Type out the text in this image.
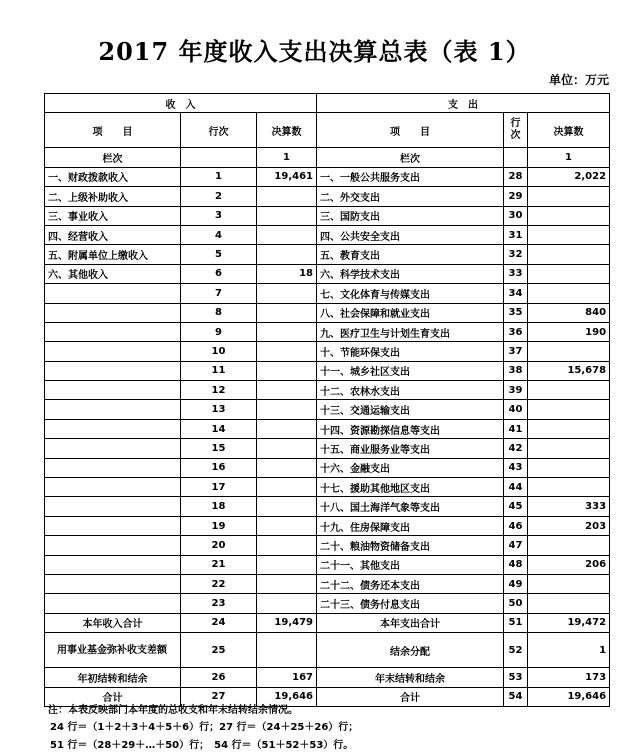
2017 年度收入支出决算总表（表 1）
单位：万元
收　入			支　出		
项　　目	行次	决算数	项　　目	行次	决算数
栏次		1	栏次		1
一、财政拨款收入	1	19,461	一、一般公共服务支出	28	2,022
二、上级补助收入	2		二、外交支出	29	
三、事业收入	3		三、国防支出	30	
四、经营收入	4		四、公共安全支出	31	
五、附属单位上缴收入	5		五、教育支出	32	
六、其他收入	6	18	六、科学技术支出	33	
	7		七、文化体育与传媒支出	34	
	8		八、社会保障和就业支出	35	840
	9		九、医疗卫生与计划生育支出	36	190
	10		十、节能环保支出	37	
	11		十一、城乡社区支出	38	15,678
	12		十二、农林水支出	39	
	13		十三、交通运输支出	40	
	14		十四、资源勘探信息等支出	41	
	15		十五、商业服务业等支出	42	
	16		十六、金融支出	43	
	17		十七、援助其他地区支出	44	
	18		十八、国土海洋气象等支出	45	333
	19		十九、住房保障支出	46	203
	20		二十、粮油物资储备支出	47	
	21		二十一、其他支出	48	206
	22		二十二、债务还本支出	49	
	23		二十三、债务付息支出	50	
本年收入合计	24	19,479	本年支出合计	51	19,472
用事业基金弥补收支差额	25		结余分配	52	1
年初结转和结余	26	167	年末结转和结余	53	173
合计	27	19,646	合计	54	19,646
注：本表反映部门本年度的总收支和年末结转结余情况。
24 行＝（1＋2＋3＋4＋5＋6）行；27 行＝（24＋25＋26）行；
51 行＝（28＋29＋…＋50）行；　54 行＝（51＋52＋53）行。
